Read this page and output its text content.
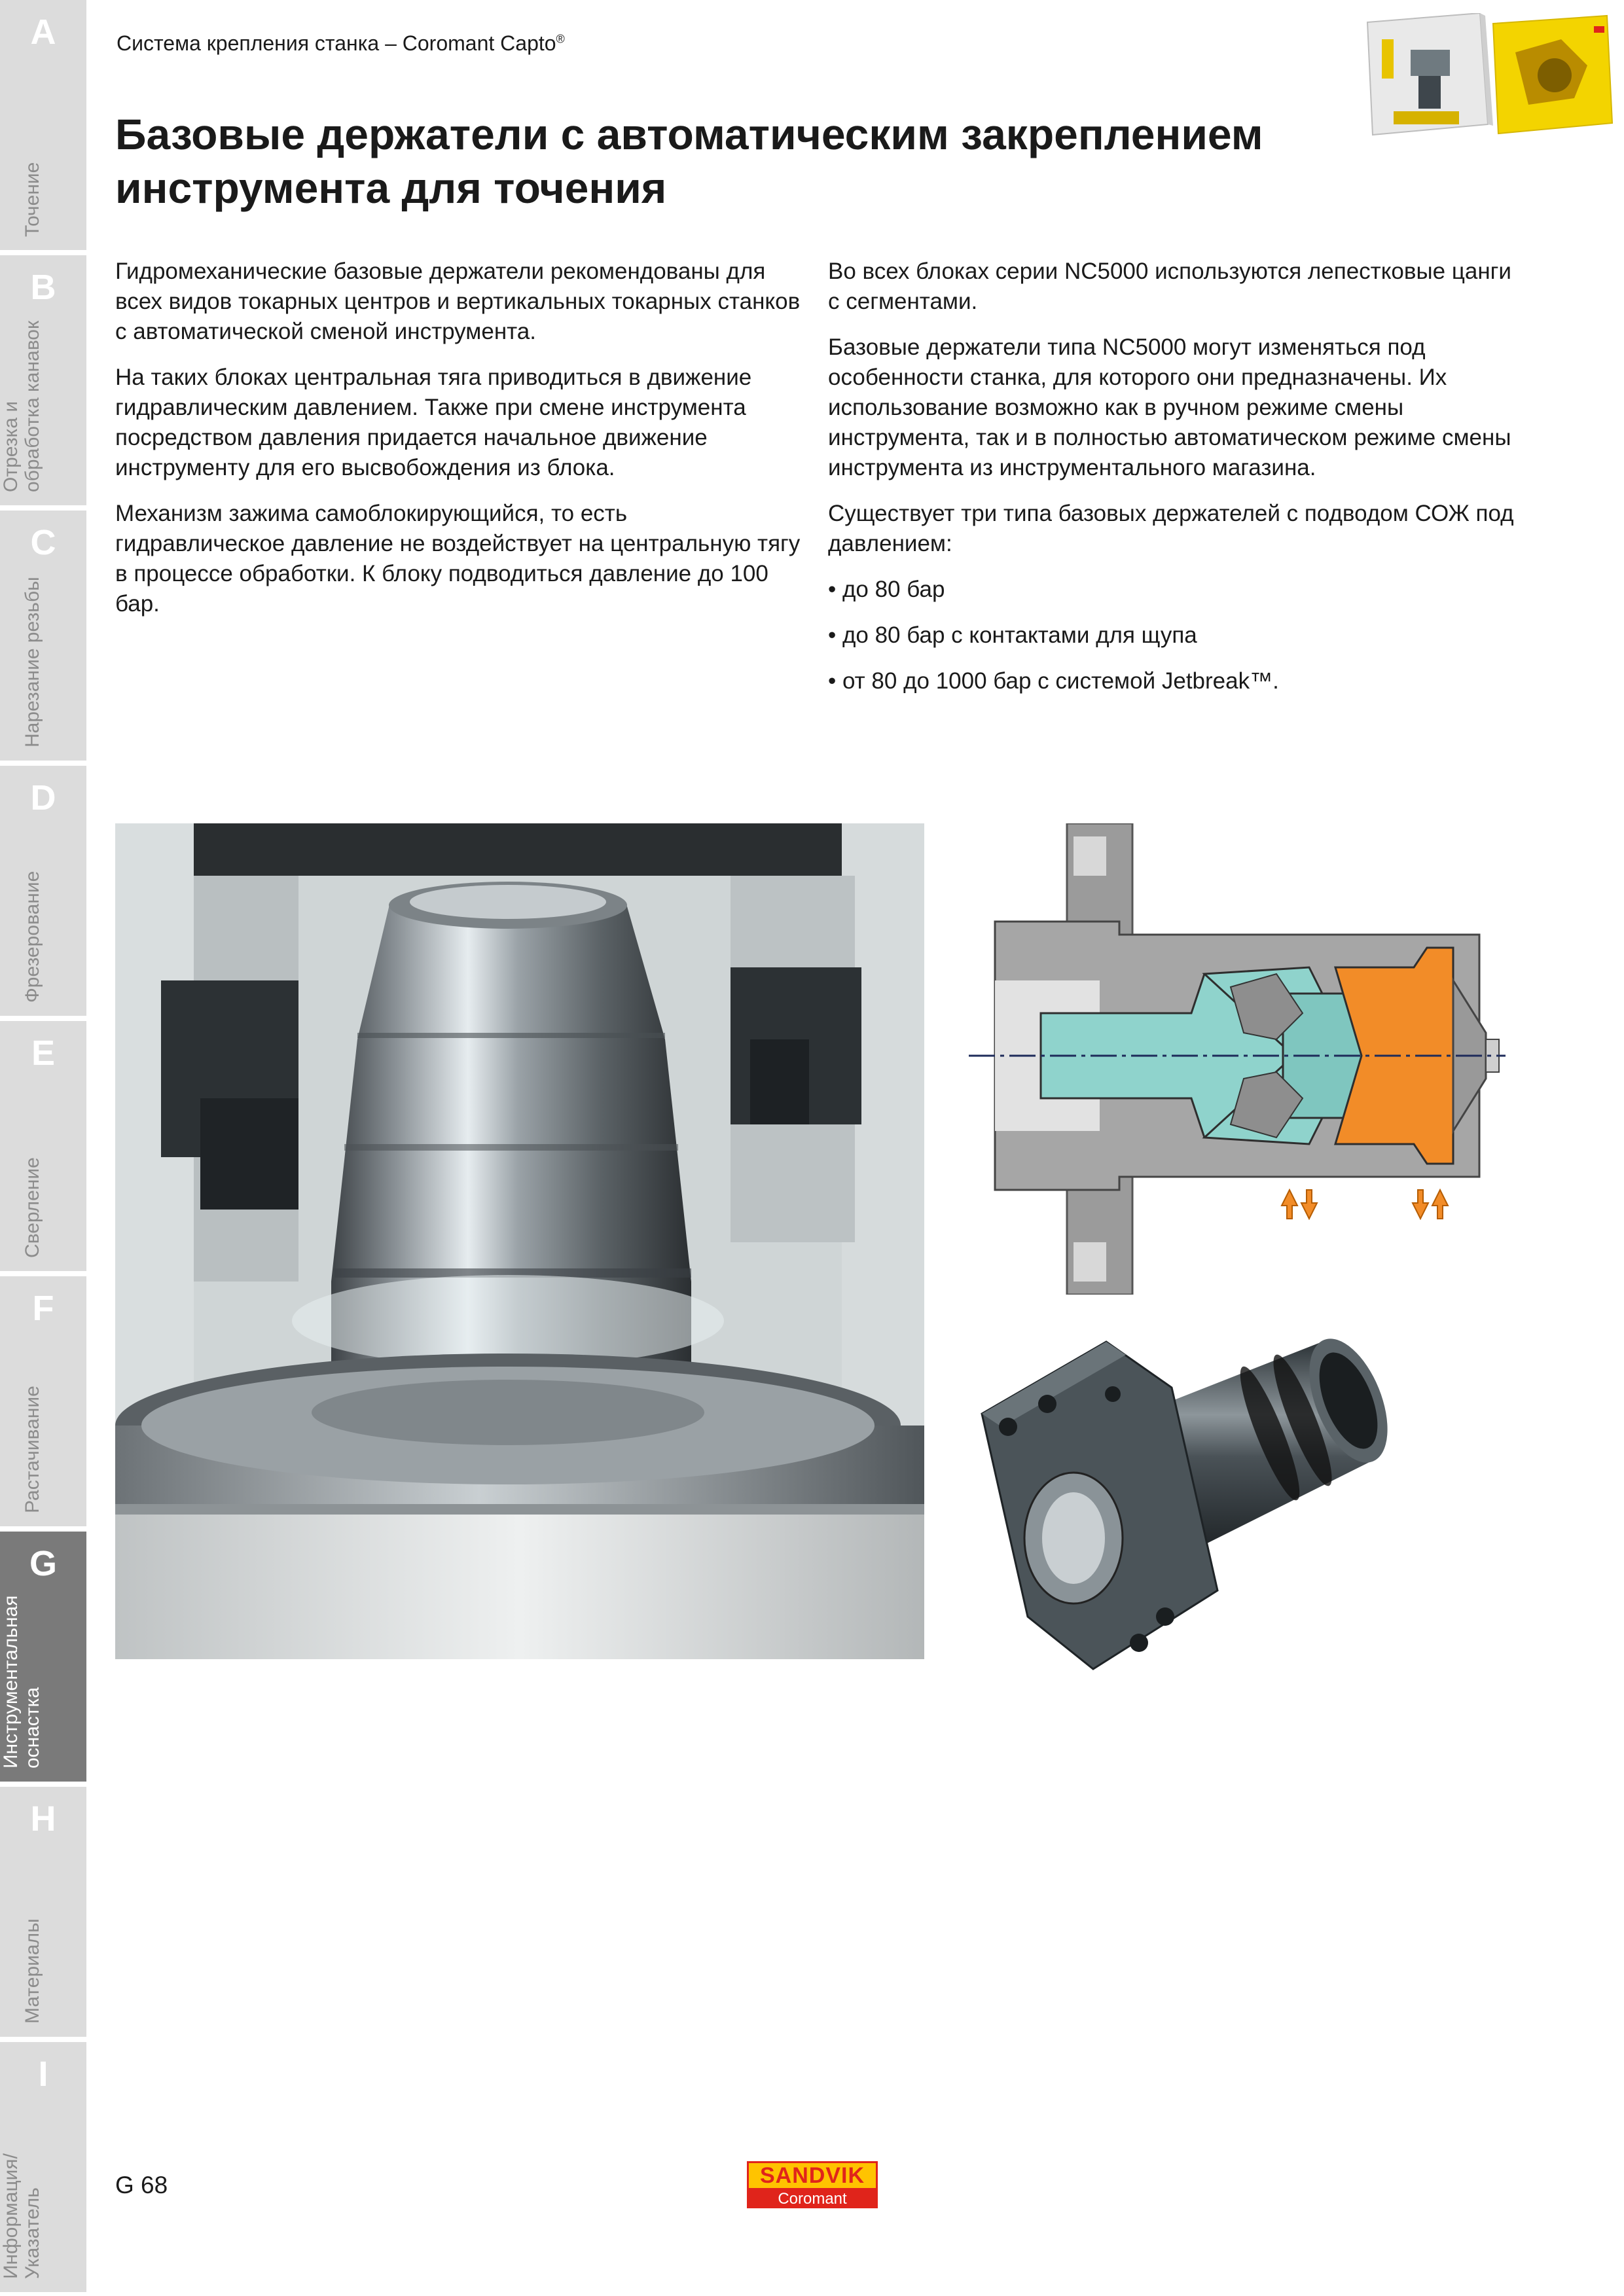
A
Точение
B
Отрезка и
обработка канавок
C
Нарезание резьбы
D
Фрезерование
E
Сверление
F
Растачивание
G
Инструментальная
оснастка
H
Материалы
I
Информация/
Указатель
Система крепления станка – Coromant Capto®
Базовые держатели с автоматическим закреплением инструмента для точения

Гидромеханические базовые держатели рекомендованы для всех видов токарных центров и вертикальных токарных станков с автоматической сменой инструмента.

На таких блоках центральная тяга приводиться в движение гидравлическим давлением. Также при смене инструмента посредством давления придается начальное движение инструменту для его высвобождения из блока.

Механизм зажима самоблокирующийся, то есть гидравлическое давление не воздействует на центральную тягу в процессе обработки. К блоку подводиться давление до 100 бар.

Во всех блоках серии NC5000 используются лепестковые цанги с сегментами.

Базовые держатели типа NC5000 могут изменяться под особенности станка, для которого они предназначены. Их использование возможно как в ручном режиме смены инструмента, так и в полностью автоматическом режиме смены инструмента из инструментального магазина.

Существует три типа базовых держателей с подводом СОЖ под давлением:

• до 80 бар

• до 80 бар с контактами для щупа

• от 80 до 1000 бар с системой Jetbreak™.

G 68	SANDVIK
Coromant
